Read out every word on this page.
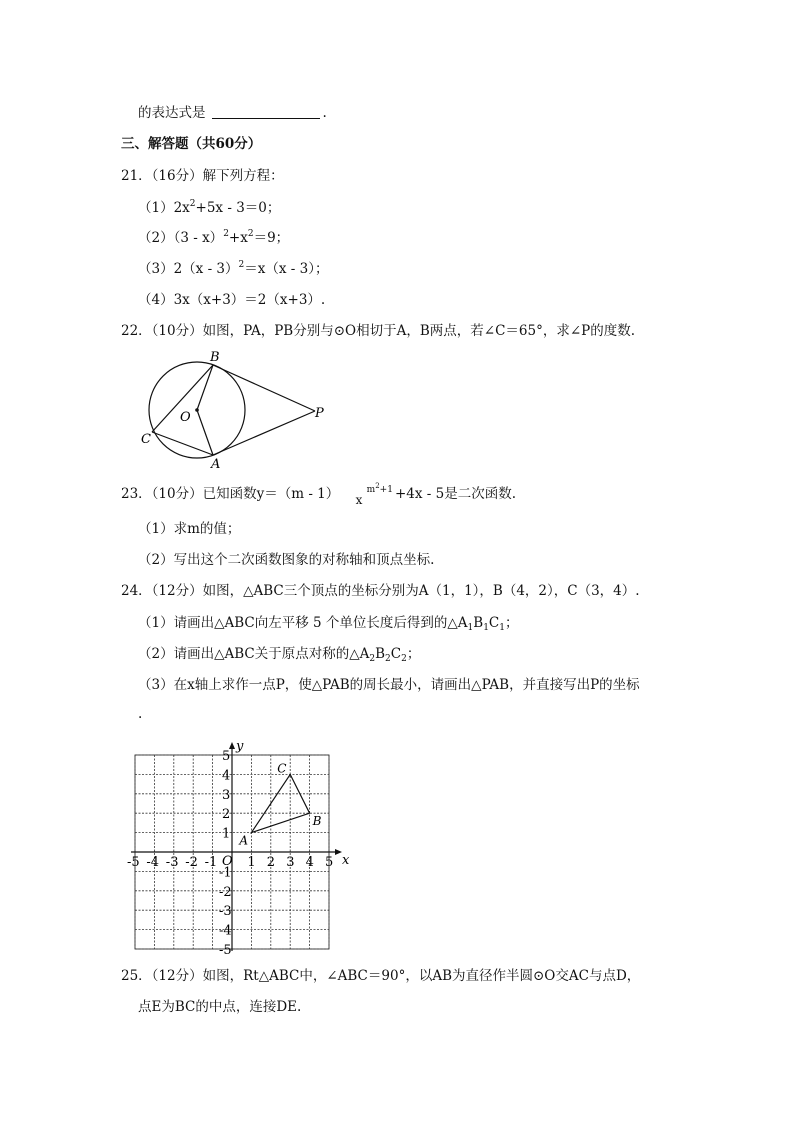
的表达式是	.
三、解答题（共60分）
21．（16分）解下列方程：
$(1)2x^2+5x - 3=0$；
$(2)(3 - x)^2+x^2=9$；
（3）2（x - 3）$^2$＝x（x - 3）；
（4）3x（x+3）＝2（x+3）.
22．（10分）如图，PA，PB分别与⊙O相切于A，B两点，若∠C＝65°，求∠P的度数.
B
O	P
C
A
23．（10分）已知函数y＝（m - 1） x $^{m^2+1}$ +4x - 5是二次函数.
（1）求m的值；
（2）写出这个二次函数图象的对称轴和顶点坐标.
24．（12分）如图，△ABC三个顶点的坐标分别为A（1，1），B（4，2），C（3，4）.
（1）请画出△ABC向左平移 5 个单位长度后得到的$\triangle A_1B_1C_1$；
（2）请画出△ABC关于原点对称的$\triangle A_2B_2C_2$；
（3）在x轴上求作一点P，使△PAB的周长最小，请画出△PAB，并直接写出P的坐标
.
x
y
O
-5 -4 -3 -2 -1 1 2 3 4 5
5
4
3
2
1
-1
-2
-3
-4
-5
A
B
C
25．（12分）如图，Rt△ABC中，∠ABC＝90°，以AB为直径作半圆⊙O交AC与点D，
点E为BC的中点，连接DE.
